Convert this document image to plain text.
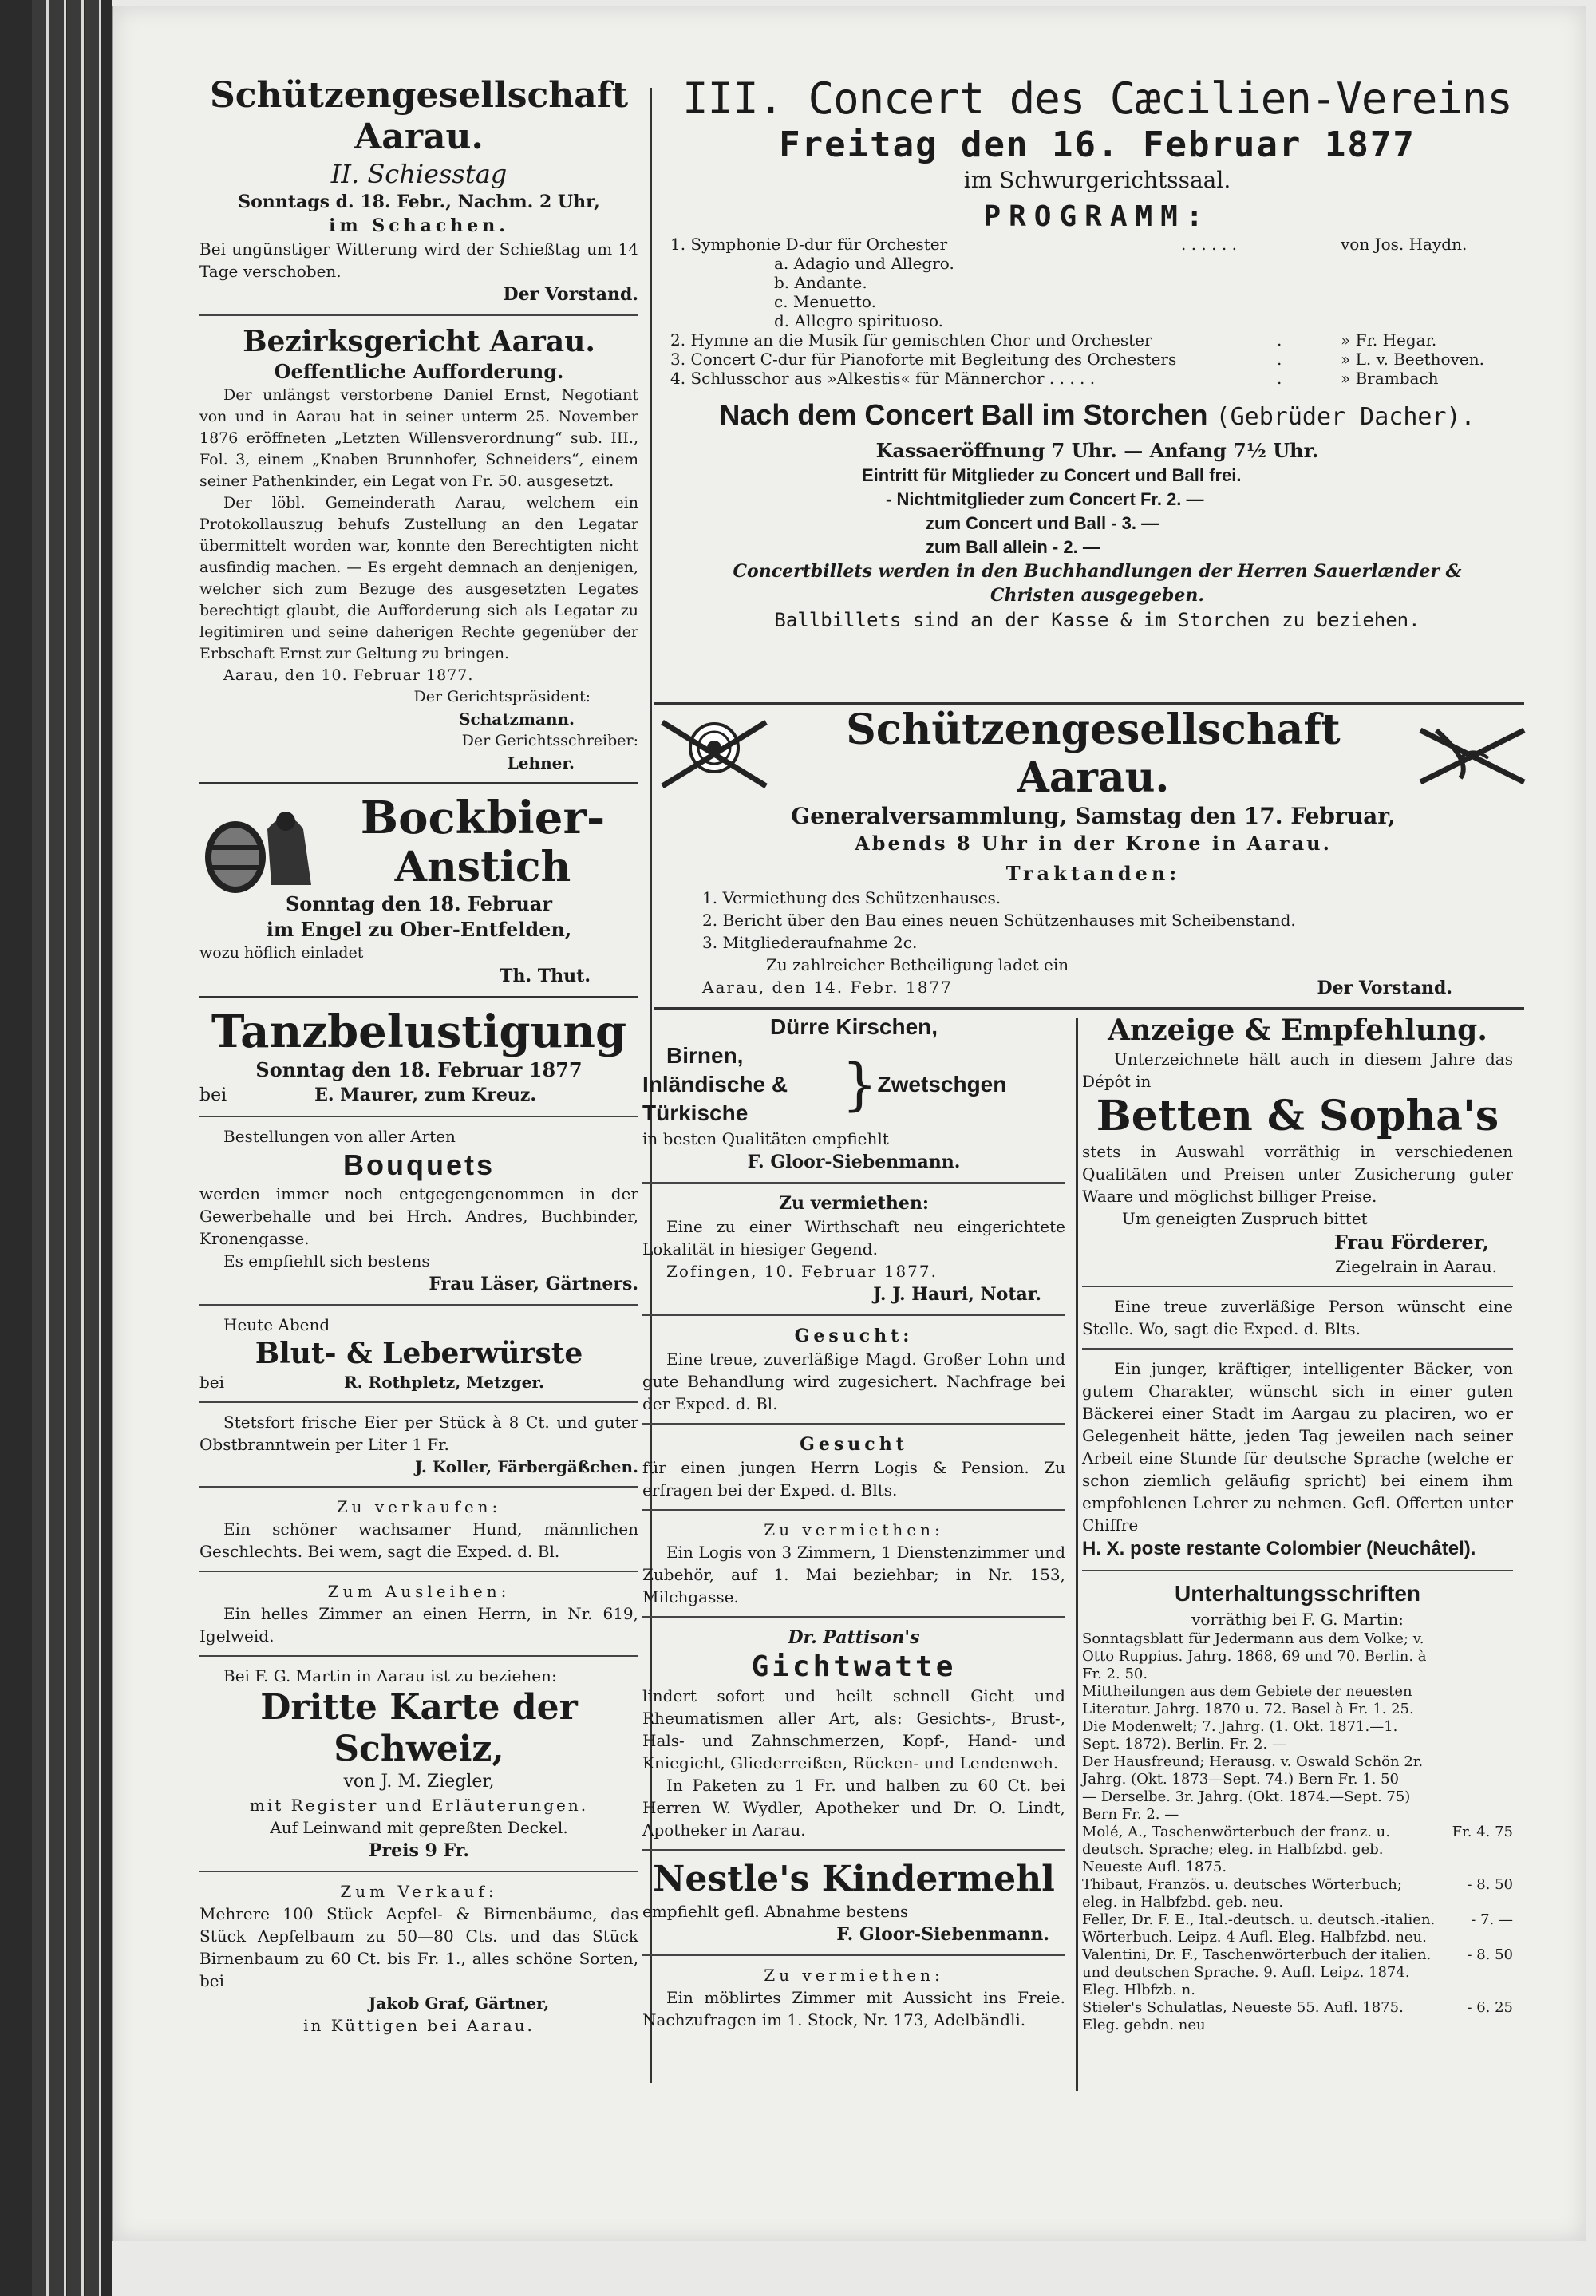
Schützengesellschaft Aarau.

II. Schiesstag

Sonntags d. 18. Febr., Nachm. 2 Uhr,

im Schachen.

Bei ungünstiger Witterung wird der Schießtag um 14 Tage verschoben.

Der Vorstand.

Bezirksgericht Aarau.

Oeffentliche Aufforderung.

Der unlängst verstorbene Daniel Ernst, Negotiant von und in Aarau hat in seiner unterm 25. November 1876 eröffneten „Letzten Willensverordnung“ sub. III., Fol. 3, einem „Knaben Brunnhofer, Schneiders“, einem seiner Pathenkinder, ein Legat von Fr. 50. ausgesetzt.

Der löbl. Gemeinderath Aarau, welchem ein Protokollauszug behufs Zustellung an den Legatar übermittelt worden war, konnte den Berechtigten nicht ausfindig machen. — Es ergeht demnach an denjenigen, welcher sich zum Bezuge des ausgesetzten Legates berechtigt glaubt, die Aufforderung sich als Legatar zu legitimiren und seine daherigen Rechte gegenüber der Erbschaft Ernst zur Geltung zu bringen.

Aarau, den 10. Februar 1877.

Der Gerichtspräsident:

Schatzmann.

Der Gerichtsschreiber:

Lehner.

Bockbier-

Anstich

Sonntag den 18. Februar

im Engel zu Ober-Entfelden,

wozu höflich einladet

Th. Thut.

Tanzbelustigung

Sonntag den 18. Februar 1877

bei	E. Maurer, zum Kreuz.

Bestellungen von aller Arten

Bouquets

werden immer noch entgegengenommen in der Gewerbehalle und bei Hrch. Andres, Buchbinder, Kronengasse.

Es empfiehlt sich bestens

Frau Läser, Gärtners.

Heute Abend

Blut- & Leberwürste

bei	R. Rothpletz, Metzger.

Stetsfort frische Eier per Stück à 8 Ct. und guter Obstbranntwein per Liter 1 Fr.

J. Koller, Färbergäßchen.

Zu verkaufen:

Ein schöner wachsamer Hund, männlichen Geschlechts. Bei wem, sagt die Exped. d. Bl.

Zum Ausleihen:

Ein helles Zimmer an einen Herrn, in Nr. 619, Igelweid.

Bei F. G. Martin in Aarau ist zu beziehen:

Dritte Karte der Schweiz,

von J. M. Ziegler,

mit Register und Erläuterungen.

Auf Leinwand mit gepreßten Deckel.

Preis 9 Fr.

Zum Verkauf:

Mehrere 100 Stück Aepfel- & Birnenbäume, das Stück Aepfelbaum zu 50—80 Cts. und das Stück Birnenbaum zu 60 Ct. bis Fr. 1., alles schöne Sorten, bei

Jakob Graf, Gärtner,

in Küttigen bei Aarau.

III. Concert des Cæcilien-Vereins

Freitag den 16. Februar 1877

im Schwurgerichtssaal.

PROGRAMM:

1. Symphonie D-dur für Orchester	. . . . . .	von Jos. Haydn.
a. Adagio und Allegro.
b. Andante.
c. Menuetto.
d. Allegro spirituoso.
2. Hymne an die Musik für gemischten Chor und Orchester	.	» Fr. Hegar.
3. Concert C-dur für Pianoforte mit Begleitung des Orchesters	.	» L. v. Beethoven.
4. Schlusschor aus »Alkestis« für Männerchor . . . . .	.	» Brambach

Nach dem Concert Ball im Storchen (Gebrüder Dacher).

Kassaeröffnung 7 Uhr. — Anfang 7½ Uhr.

Eintritt für Mitglieder zu Concert und Ball frei.

- Nichtmitglieder zum Concert Fr. 2. —

zum Concert und Ball - 3. —

zum Ball allein - 2. —

Concertbillets werden in den Buchhandlungen der Herren Sauerlænder & Christen ausgegeben.

Ballbillets sind an der Kasse & im Storchen zu beziehen.

Schützengesellschaft Aarau.

Generalversammlung, Samstag den 17. Februar,

Abends 8 Uhr in der Krone in Aarau.

Traktanden:

1. Vermiethung des Schützenhauses.

2. Bericht über den Bau eines neuen Schützenhauses mit Scheibenstand.

3. Mitgliederaufnahme 2c.

Zu zahlreicher Betheiligung ladet ein

Aarau, den 14. Febr. 1877	Der Vorstand.

Dürre Kirschen,

Birnen,

Inländische &

Türkische	} Zwetschgen

in besten Qualitäten empfiehlt

F. Gloor-Siebenmann.

Zu vermiethen:

Eine zu einer Wirthschaft neu eingerichtete Lokalität in hiesiger Gegend.

Zofingen, 10. Februar 1877.

J. J. Hauri, Notar.

Gesucht:

Eine treue, zuverläßige Magd. Großer Lohn und gute Behandlung wird zugesichert. Nachfrage bei der Exped. d. Bl.

Gesucht

für einen jungen Herrn Logis & Pension. Zu erfragen bei der Exped. d. Blts.

Zu vermiethen:

Ein Logis von 3 Zimmern, 1 Dienstenzimmer und Zubehör, auf 1. Mai beziehbar; in Nr. 153, Milchgasse.

Dr. Pattison's

Gichtwatte

lindert sofort und heilt schnell Gicht und Rheumatismen aller Art, als: Gesichts-, Brust-, Hals- und Zahnschmerzen, Kopf-, Hand- und Kniegicht, Gliederreißen, Rücken- und Lendenweh.

In Paketen zu 1 Fr. und halben zu 60 Ct. bei Herren W. Wydler, Apotheker und Dr. O. Lindt, Apotheker in Aarau.

Nestle's Kindermehl

empfiehlt gefl. Abnahme bestens

F. Gloor-Siebenmann.

Zu vermiethen:

Ein möblirtes Zimmer mit Aussicht ins Freie. Nachzufragen im 1. Stock, Nr. 173, Adelbändli.

Anzeige & Empfehlung.

Unterzeichnete hält auch in diesem Jahre das Dépôt in

Betten & Sopha's

stets in Auswahl vorräthig in verschiedenen Qualitäten und Preisen unter Zusicherung guter Waare und möglichst billiger Preise.

Um geneigten Zuspruch bittet

Frau Förderer,

Ziegelrain in Aarau.

Eine treue zuverläßige Person wünscht eine Stelle. Wo, sagt die Exped. d. Blts.

Ein junger, kräftiger, intelligenter Bäcker, von gutem Charakter, wünscht sich in einer guten Bäckerei einer Stadt im Aargau zu placiren, wo er Gelegenheit hätte, jeden Tag jeweilen nach seiner Arbeit eine Stunde für deutsche Sprache (welche er schon ziemlich geläufig spricht) bei einem ihm empfohlenen Lehrer zu nehmen. Gefl. Offerten unter Chiffre

H. X. poste restante Colombier (Neuchâtel).

Unterhaltungsschriften

vorräthig bei F. G. Martin:

Sonntagsblatt für Jedermann aus dem Volke; v. Otto Ruppius. Jahrg. 1868, 69 und 70. Berlin. à Fr. 2. 50.
Mittheilungen aus dem Gebiete der neuesten Literatur. Jahrg. 1870 u. 72. Basel à Fr. 1. 25.
Die Modenwelt; 7. Jahrg. (1. Okt. 1871.—1. Sept. 1872). Berlin. Fr. 2. —
Der Hausfreund; Herausg. v. Oswald Schön 2r. Jahrg. (Okt. 1873—Sept. 74.) Bern Fr. 1. 50
— Derselbe. 3r. Jahrg. (Okt. 1874.—Sept. 75) Bern Fr. 2. —
Molé, A., Taschenwörterbuch der franz. u. deutsch. Sprache; eleg. in Halbfzbd. geb. Neueste Aufl. 1875.
Fr. 4. 75
Thibaut, Französ. u. deutsches Wörterbuch; eleg. in Halbfzbd. geb. neu.
- 8. 50
Feller, Dr. F. E., Ital.-deutsch. u. deutsch.-italien. Wörterbuch. Leipz. 4 Aufl. Eleg. Halbfzbd. neu.
- 7. —
Valentini, Dr. F., Taschenwörterbuch der italien. und deutschen Sprache. 9. Aufl. Leipz. 1874. Eleg. Hlbfzb. n.
- 8. 50
Stieler's Schulatlas, Neueste 55. Aufl. 1875. Eleg. gebdn. neu
- 6. 25
